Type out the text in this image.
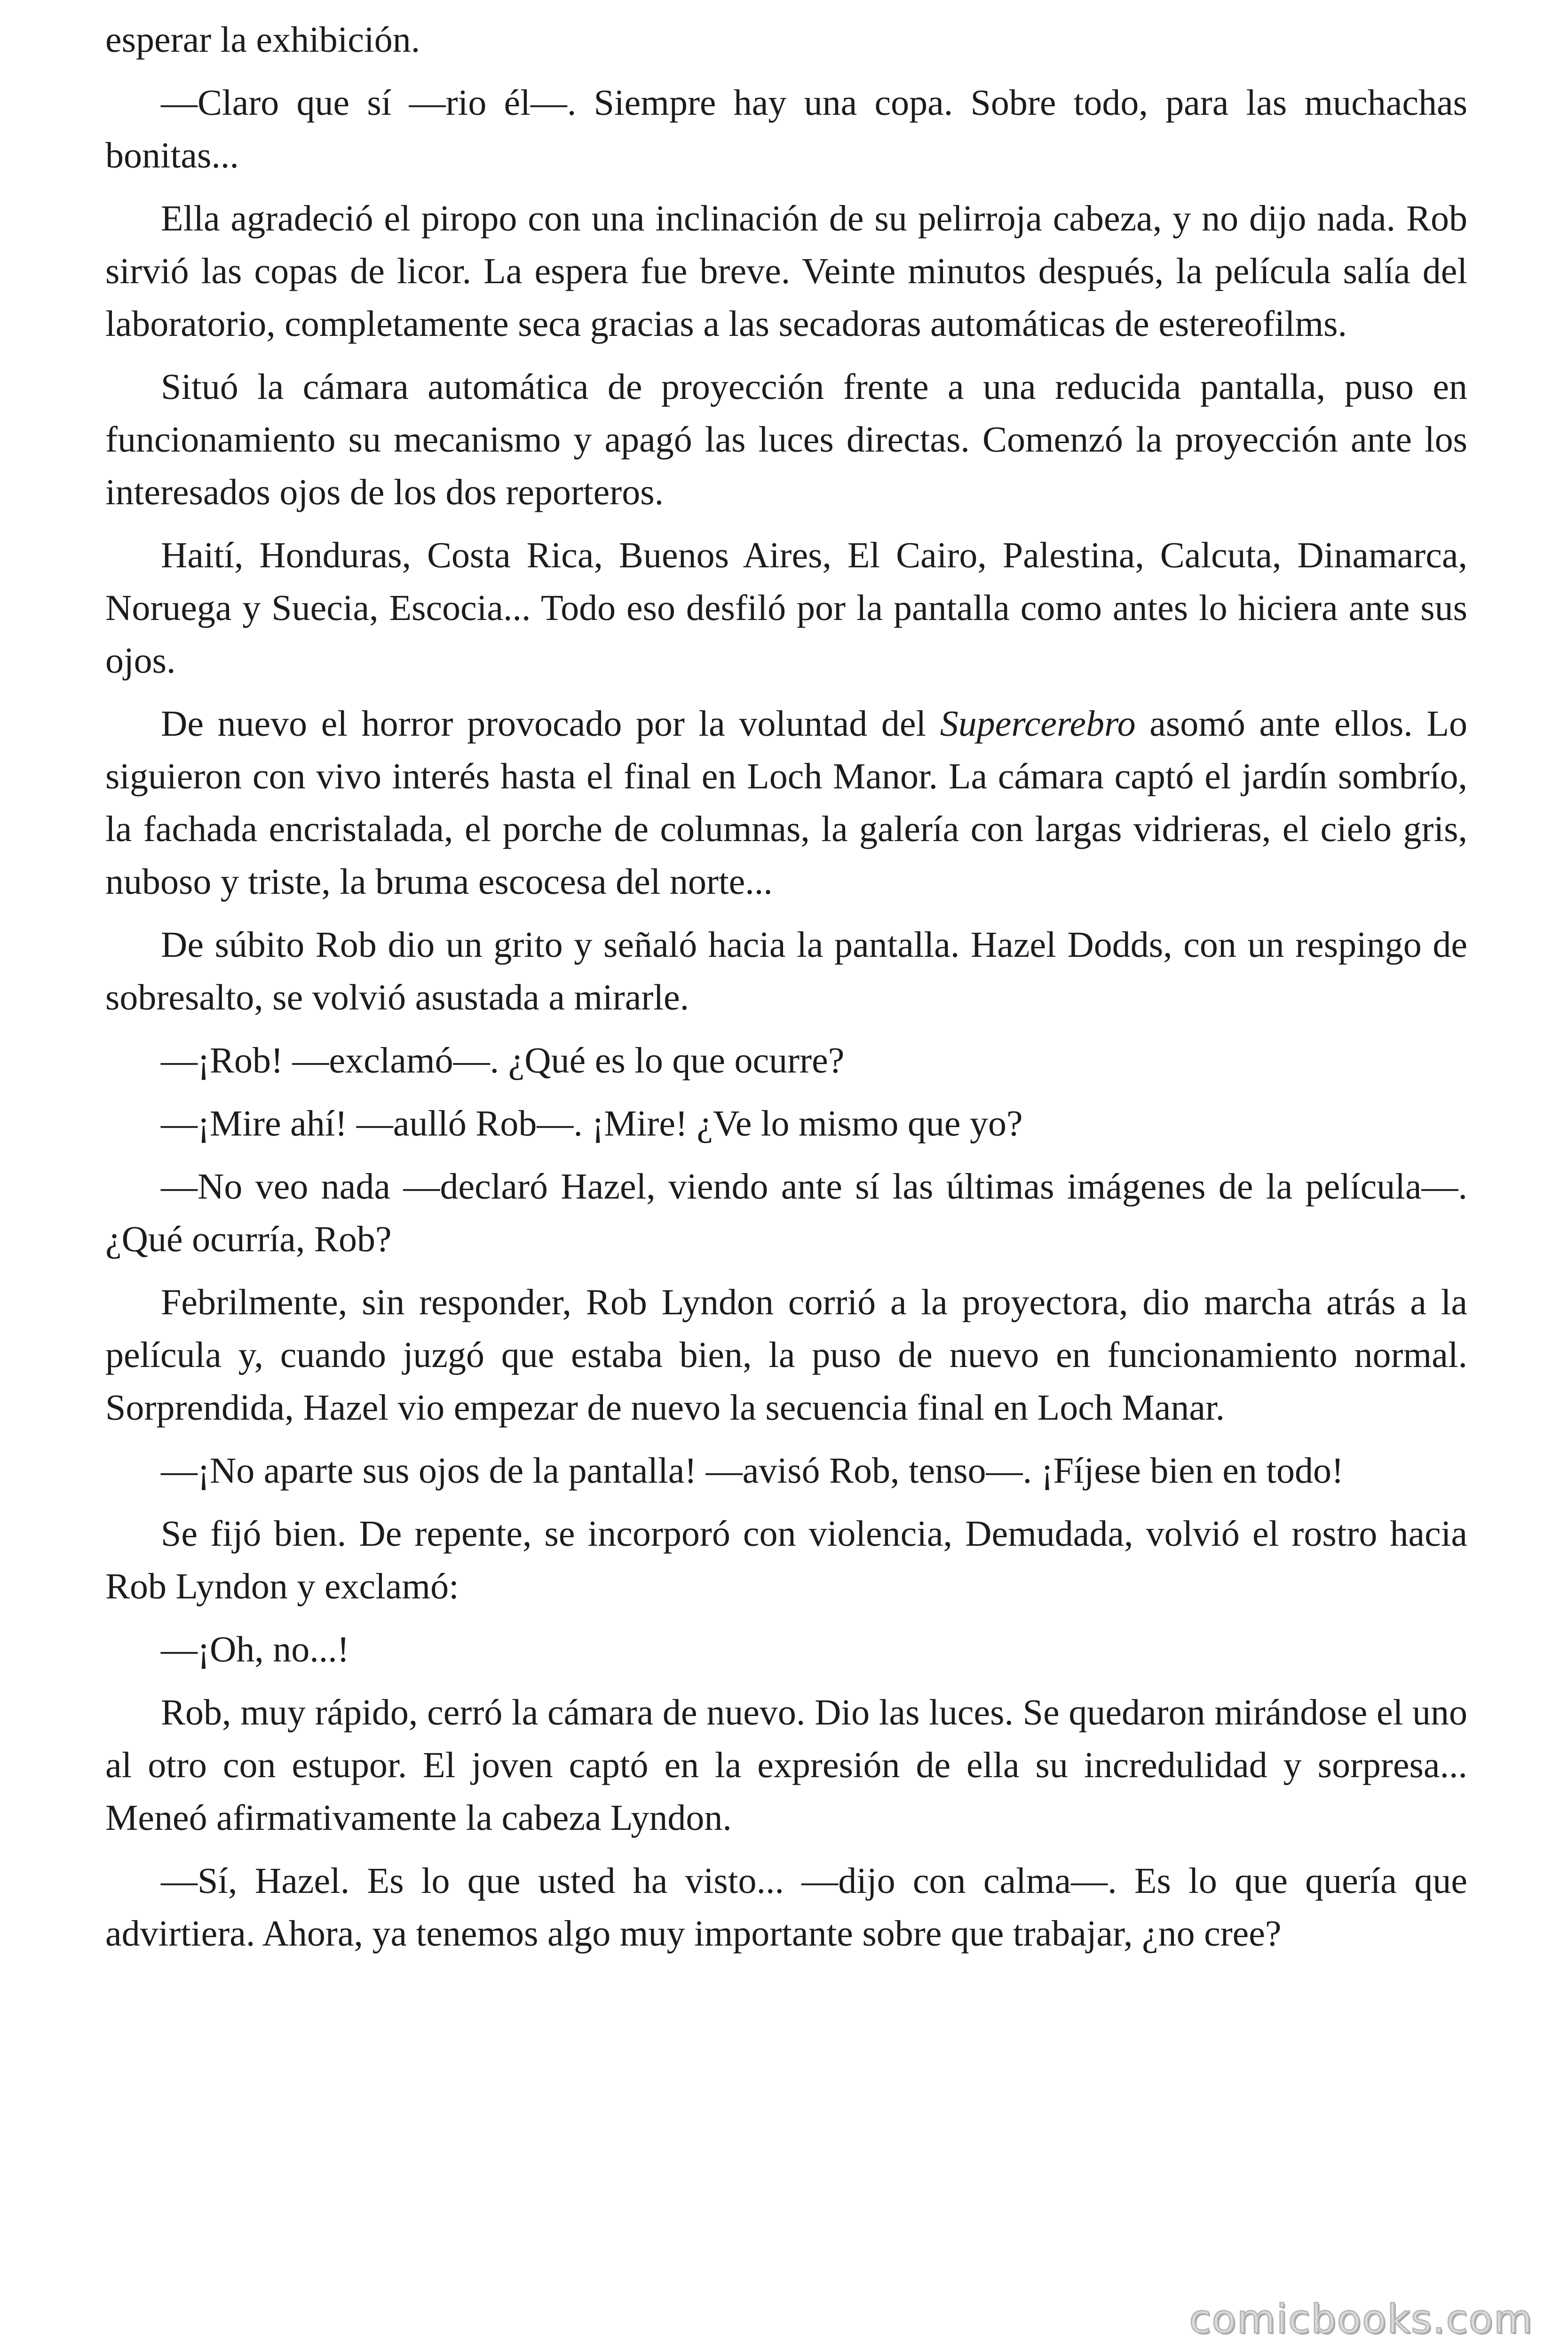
esperar la exhibición.

—Claro que sí —rio él—. Siempre hay una copa. Sobre todo, para las muchachas bonitas...

Ella agradeció el piropo con una inclinación de su pelirroja cabeza, y no dijo nada. Rob sirvió las copas de licor. La espera fue breve. Veinte minutos después, la película salía del laboratorio, completamente seca gracias a las secadoras automáticas de estereofilms.

Situó la cámara automática de proyección frente a una reducida pantalla, puso en funcionamiento su mecanismo y apagó las luces directas. Comenzó la proyección ante los interesados ojos de los dos reporteros.

Haití, Honduras, Costa Rica, Buenos Aires, El Cairo, Palestina, Calcuta, Dinamarca, Noruega y Suecia, Escocia... Todo eso desfiló por la pantalla como antes lo hiciera ante sus ojos.

De nuevo el horror provocado por la voluntad del Supercerebro asomó ante ellos. Lo siguieron con vivo interés hasta el final en Loch Manor. La cámara captó el jardín sombrío, la fachada encristalada, el porche de columnas, la galería con largas vidrieras, el cielo gris, nuboso y triste, la bruma escocesa del norte...

De súbito Rob dio un grito y señaló hacia la pantalla. Hazel Dodds, con un respingo de sobresalto, se volvió asustada a mirarle.

—¡Rob! —exclamó—. ¿Qué es lo que ocurre?

—¡Mire ahí! —aulló Rob—. ¡Mire! ¿Ve lo mismo que yo?

—No veo nada —declaró Hazel, viendo ante sí las últimas imágenes de la película—. ¿Qué ocurría, Rob?

Febrilmente, sin responder, Rob Lyndon corrió a la proyectora, dio marcha atrás a la película y, cuando juzgó que estaba bien, la puso de nuevo en funcionamiento normal. Sorprendida, Hazel vio empezar de nuevo la secuencia final en Loch Manar.

—¡No aparte sus ojos de la pantalla! —avisó Rob, tenso—. ¡Fíjese bien en todo!

Se fijó bien. De repente, se incorporó con violencia, Demudada, volvió el rostro hacia Rob Lyndon y exclamó:

—¡Oh, no...!

Rob, muy rápido, cerró la cámara de nuevo. Dio las luces. Se quedaron mirándose el uno al otro con estupor. El joven captó en la expresión de ella su incredulidad y sorpresa... Meneó afirmativamente la cabeza Lyndon.

—Sí, Hazel. Es lo que usted ha visto... —dijo con calma—. Es lo que quería que advirtiera. Ahora, ya tenemos algo muy importante sobre que trabajar, ¿no cree?

comicbooks.com
